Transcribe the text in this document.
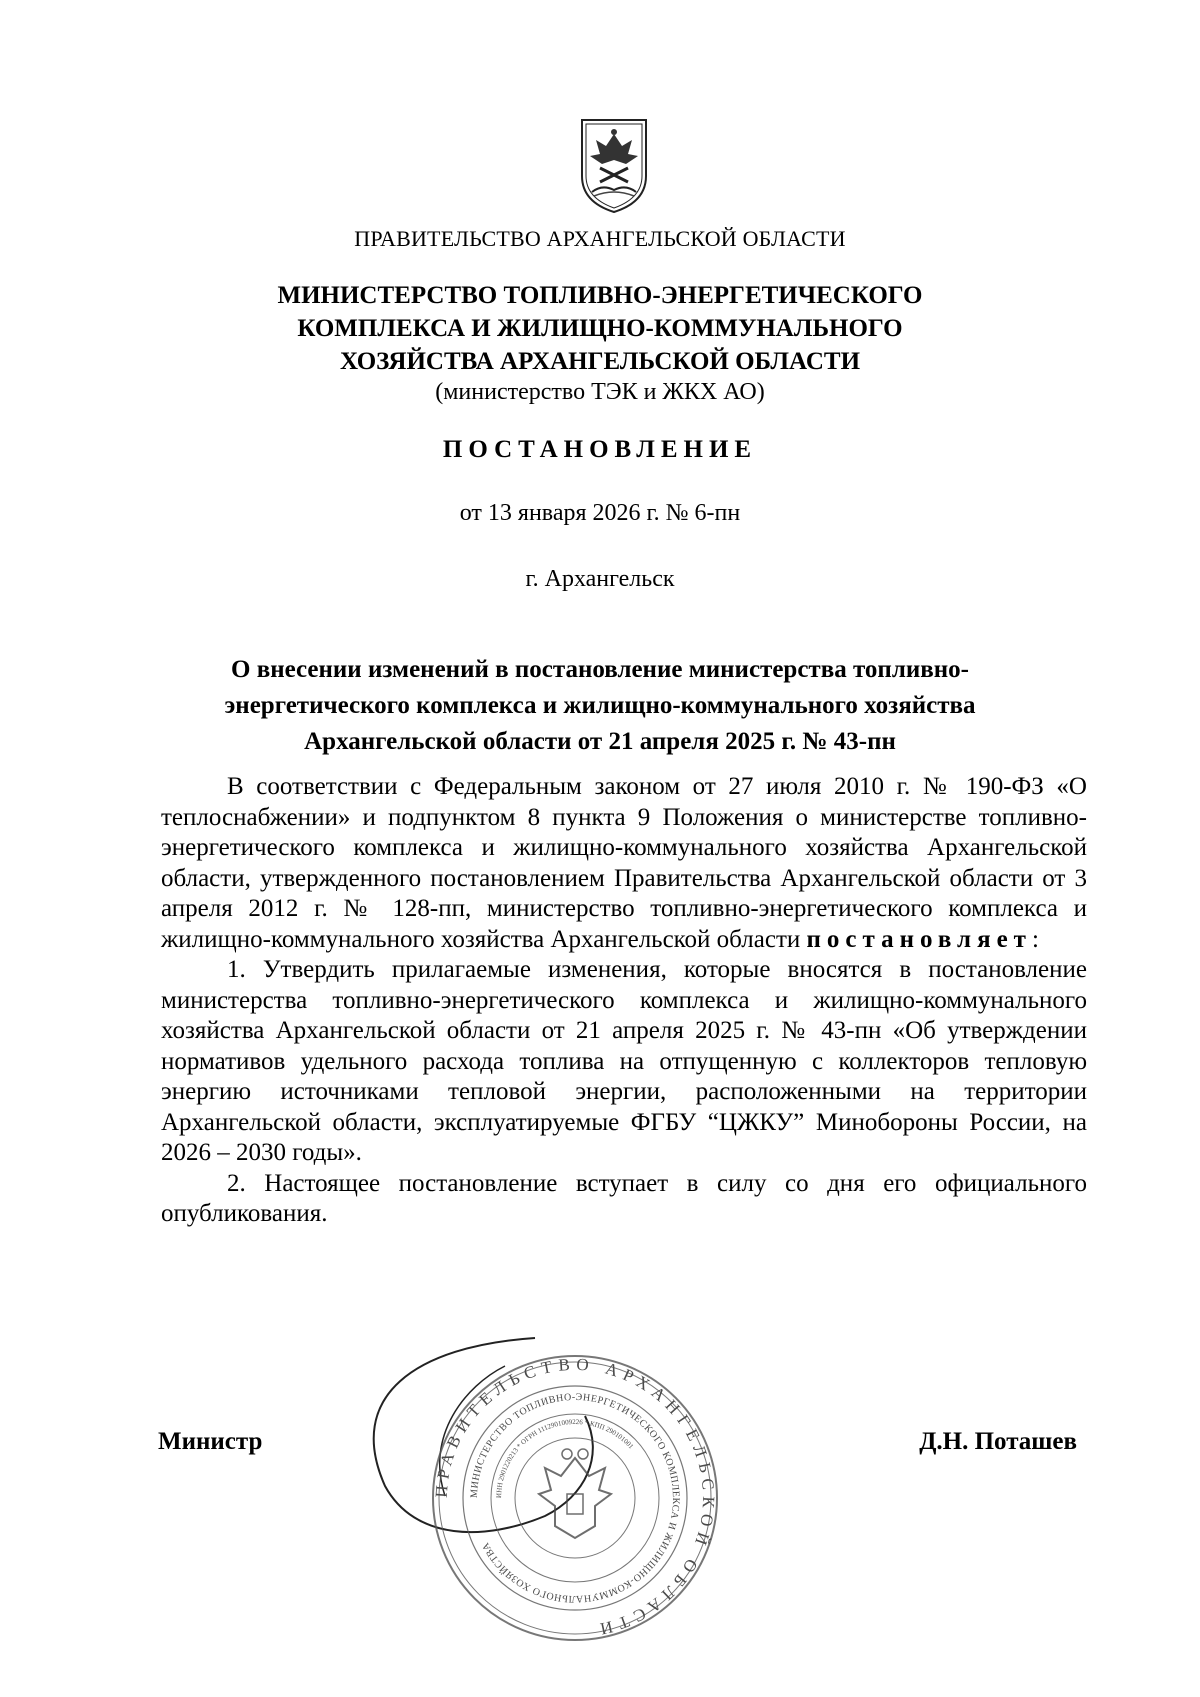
ПРАВИТЕЛЬСТВО АРХАНГЕЛЬСКОЙ ОБЛАСТИ
МИНИСТЕРСТВО ТОПЛИВНО-ЭНЕРГЕТИЧЕСКОГО
КОМПЛЕКСА И ЖИЛИЩНО-КОММУНАЛЬНОГО
ХОЗЯЙСТВА АРХАНГЕЛЬСКОЙ ОБЛАСТИ
(министерство ТЭК и ЖКХ АО)
ПОСТАНОВЛЕНИЕ
от 13 января 2026 г. № 6-пн
г. Архангельск
О внесении изменений в постановление министерства топливно-
энергетического комплекса и жилищно-коммунального хозяйства
Архангельской области от 21 апреля 2025 г. № 43-пн

В соответствии с Федеральным законом от 27 июля 2010 г. № 190-ФЗ «О теплоснабжении» и подпунктом 8 пункта 9 Положения о министерстве топливно-энергетического комплекса и жилищно-коммунального хозяйства Архангельской области, утвержденного постановлением Правительства Архангельской области от 3 апреля 2012 г. № 128-пп, министерство топливно-энергетического комплекса и жилищно-коммунального хозяйства Архангельской области постановляет:

1. Утвердить прилагаемые изменения, которые вносятся в постановление министерства топливно-энергетического комплекса и жилищно-коммунального хозяйства Архангельской области от 21 апреля 2025 г. № 43-пн «Об утверждении нормативов удельного расхода топлива на отпущенную с коллекторов тепловую энергию источниками тепловой энергии, расположенными на территории Архангельской области, эксплуатируемые ФГБУ “ЦЖКУ” Минобороны России, на 2026 – 2030 годы».

2. Настоящее постановление вступает в силу со дня его официального опубликования.

Министр	Д.Н. Поташев
ПРАВИТЕЛЬСТВО АРХАНГЕЛЬСКОЙ ОБЛАСТИ
МИНИСТЕРСТВО ТОПЛИВНО-ЭНЕРГЕТИЧЕСКОГО КОМПЛЕКСА И ЖИЛИЩНО-КОММУНАЛЬНОГО ХОЗЯЙСТВА
ИНН 2901220213 * ОГРН 1112901009226 * КПП 290101001
